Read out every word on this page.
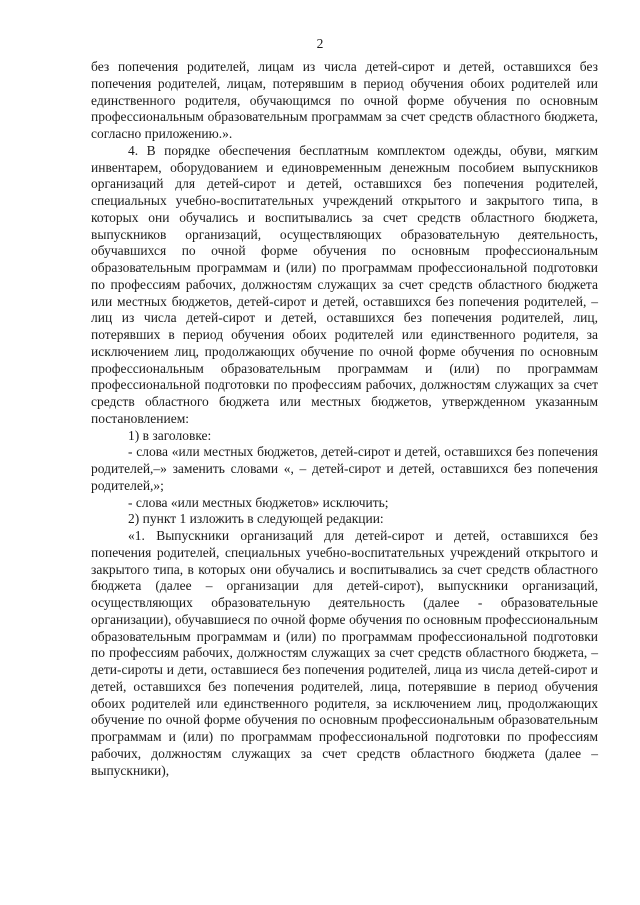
2

без попечения родителей, лицам из числа детей-сирот и детей, оставшихся без попечения родителей, лицам, потерявшим в период обучения обоих родителей или единственного родителя, обучающимся по очной форме обучения по основным профессиональным образовательным программам за счет средств областного бюджета, согласно приложению.».

4. В порядке обеспечения бесплатным комплектом одежды, обуви, мягким инвентарем, оборудованием и единовременным денежным пособием выпускников организаций для детей-сирот и детей, оставшихся без попечения родителей, специальных учебно-воспитательных учреждений открытого и закрытого типа, в которых они обучались и воспитывались за счет средств областного бюджета, выпускников организаций, осуществляющих образовательную деятельность, обучавшихся по очной форме обучения по основным профессиональным образовательным программам и (или) по программам профессиональной подготовки по профессиям рабочих, должностям служащих за счет средств областного бюджета или местных бюджетов, детей-сирот и детей, оставшихся без попечения родителей, – лиц из числа детей-сирот и детей, оставшихся без попечения родителей, лиц, потерявших в период обучения обоих родителей или единственного родителя, за исключением лиц, продолжающих обучение по очной форме обучения по основным профессиональным образовательным программам и (или) по программам профессиональной подготовки по профессиям рабочих, должностям служащих за счет средств областного бюджета или местных бюджетов, утвержденном указанным постановлением:

1) в заголовке:

- слова «или местных бюджетов, детей-сирот и детей, оставшихся без попечения родителей,–» заменить словами «, – детей-сирот и детей, оставшихся без попечения родителей,»;

- слова «или местных бюджетов» исключить;

2) пункт 1 изложить в следующей редакции:

«1. Выпускники организаций для детей-сирот и детей, оставшихся без попечения родителей, специальных учебно-воспитательных учреждений открытого и закрытого типа, в которых они обучались и воспитывались за счет средств областного бюджета (далее – организации для детей-сирот), выпускники организаций, осуществляющих образовательную деятельность (далее - образовательные организации), обучавшиеся по очной форме обучения по основным профессиональным образовательным программам и (или) по программам профессиональной подготовки по профессиям рабочих, должностям служащих за счет средств областного бюджета, – дети-сироты и дети, оставшиеся без попечения родителей, лица из числа детей-сирот и детей, оставшихся без попечения родителей, лица, потерявшие в период обучения обоих родителей или единственного родителя, за исключением лиц, продолжающих обучение по очной форме обучения по основным профессиональным образовательным программам и (или) по программам профессиональной подготовки по профессиям рабочих, должностям служащих за счет средств областного бюджета (далее – выпускники),
